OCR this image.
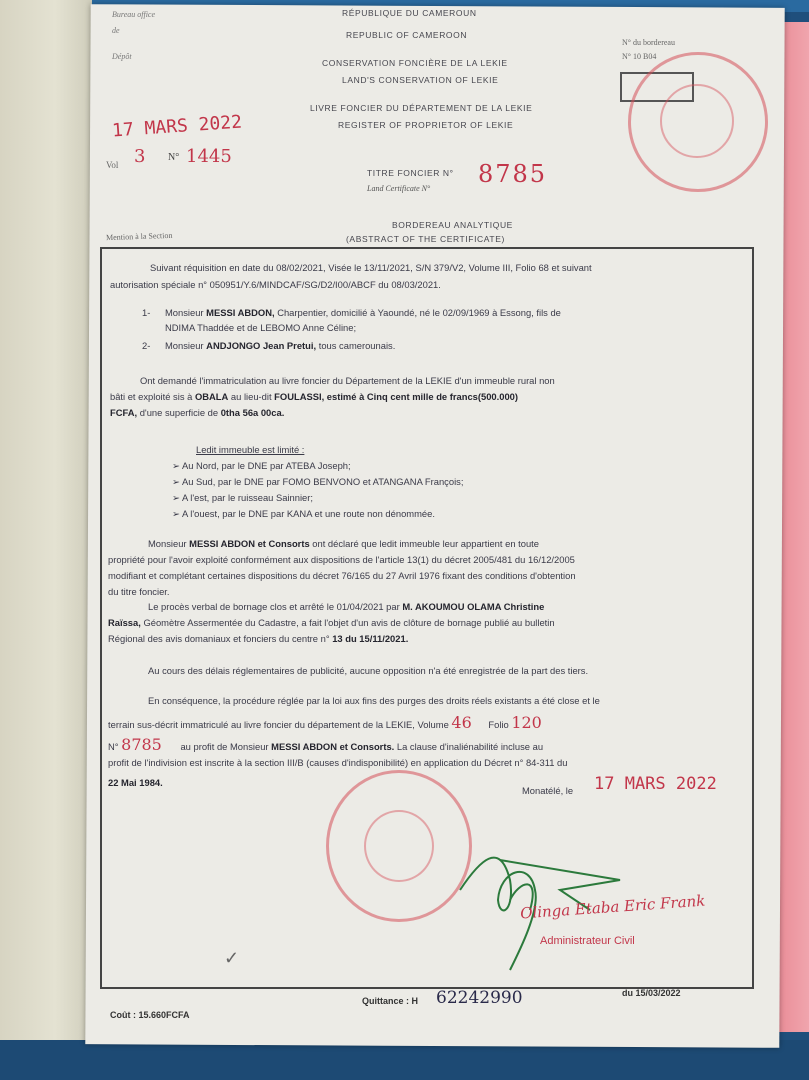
Bureau office
de
Dépôt
RÉPUBLIQUE DU CAMEROUN
REPUBLIC OF CAMEROON
CONSERVATION FONCIÈRE DE LA LEKIE
LAND'S CONSERVATION OF LEKIE
LIVRE FONCIER DU DÉPARTEMENT DE LA LEKIE
REGISTER OF PROPRIETOR OF LEKIE
TITRE FONCIER N°
Land Certificate N°
8785
BORDEREAU ANALYTIQUE
(ABSTRACT OF THE CERTIFICATE)
N° du bordereau
N° 10 B04
17 MARS 2022
Vol 3 N° 1445
Mention à la Section
Suivant réquisition en date du 08/02/2021, Visée le 13/11/2021, S/N 379/V2, Volume III, Folio 68 et suivant
autorisation spéciale n° 050951/Y.6/MINDCAF/SG/D2/I00/ABCF du 08/03/2021.
1- Monsieur MESSI ABDON, Charpentier, domicilié à Yaoundé, né le 02/09/1969 à Essong, fils de
NDIMA Thaddée et de LEBOMO Anne Céline;
2- Monsieur ANDJONGO Jean Pretui, tous camerounais.
Ont demandé l'immatriculation au livre foncier du Département de la LEKIE d'un immeuble rural non
bâti et exploité sis à OBALA au lieu-dit FOULASSI, estimé à Cinq cent mille de francs(500.000)
FCFA, d'une superficie de 0tha 56a 00ca.
Ledit immeuble est limité :
➢ Au Nord, par le DNE par ATEBA Joseph;
➢ Au Sud, par le DNE par FOMO BENVONO et ATANGANA François;
➢ A l'est, par le ruisseau Sainnier;
➢ A l'ouest, par le DNE par KANA et une route non dénommée.
Monsieur MESSI ABDON et Consorts ont déclaré que ledit immeuble leur appartient en toute
propriété pour l'avoir exploité conformément aux dispositions de l'article 13(1) du décret 2005/481 du 16/12/2005
modifiant et complétant certaines dispositions du décret 76/165 du 27 Avril 1976 fixant des conditions d'obtention
du titre foncier.
Le procès verbal de bornage clos et arrêté le 01/04/2021 par M. AKOUMOU OLAMA Christine
Raïssa, Géomètre Assermentée du Cadastre, a fait l'objet d'un avis de clôture de bornage publié au bulletin
Régional des avis domaniaux et fonciers du centre n° 13 du 15/11/2021.
Au cours des délais réglementaires de publicité, aucune opposition n'a été enregistrée de la part des tiers.
En conséquence, la procédure réglée par la loi aux fins des purges des droits réels existants a été close et le
terrain sus-décrit immatriculé au livre foncier du département de la LEKIE, Volume 46 Folio 120
N° 8785 au profit de Monsieur MESSI ABDON et Consorts. La clause d'inaliénabilité incluse au
profit de l'indivision est inscrite à la section III/B (causes d'indisponibilité) en application du Décret n° 84-311 du
22 Mai 1984.
Monatélé, le 17 MARS 2022
Olinga Etaba Eric Frank
Administrateur Civil
✓
Coût : 15.660FCFA
Quittance : H 62242990	du 15/03/2022
